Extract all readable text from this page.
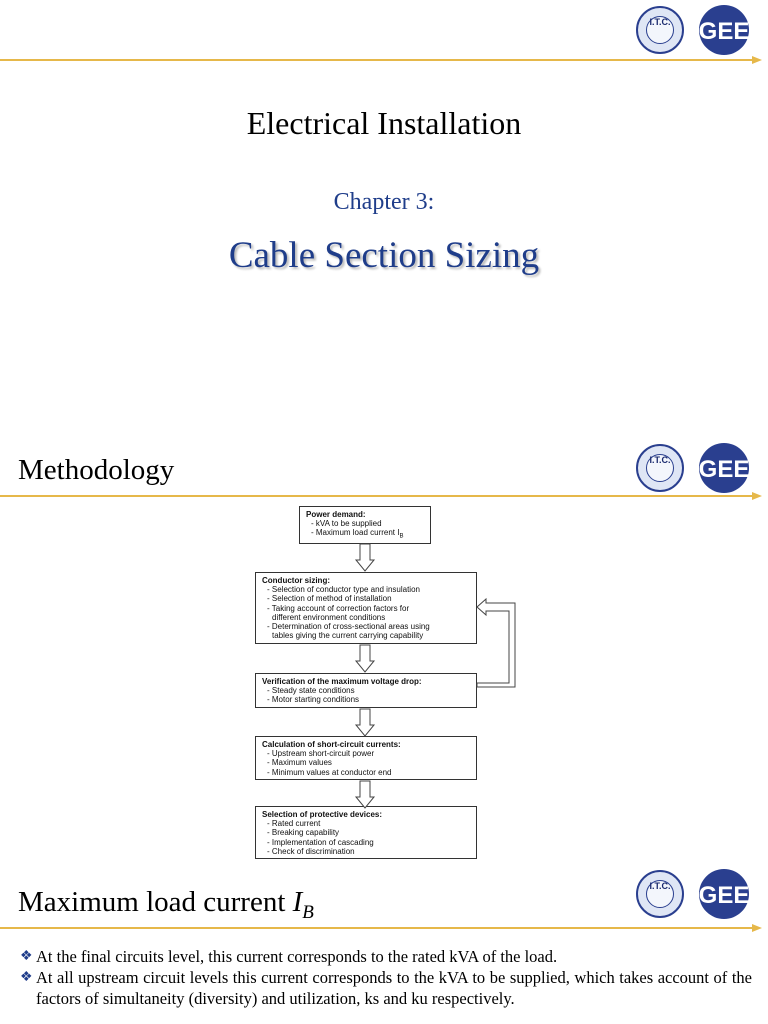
I.T.C. GEE
Electrical Installation
Chapter 3:
Cable Section Sizing
I.T.C. GEE
Methodology
Power demand:
- kVA to be supplied
- Maximum load current $I_B$
Conductor sizing:
- Selection of conductor type and insulation
- Selection of method of installation
- Taking account of correction factors for
different environment conditions
- Determination of cross-sectional areas using
tables giving the current carrying capability
Verification of the maximum voltage drop:
- Steady state conditions
- Motor starting conditions
Calculation of short-circuit currents:
- Upstream short-circuit power
- Maximum values
- Minimum values at conductor end
Selection of protective devices:
- Rated current
- Breaking capability
- Implementation of cascading
- Check of discrimination
I.T.C. GEE
Maximum load current $I_B$
❖ At the final circuits level, this current corresponds to the rated kVA of the load.
❖ At all upstream circuit levels this current corresponds to the kVA to be supplied, which takes account of the factors of simultaneity (diversity) and utilization, ks and ku respectively.
